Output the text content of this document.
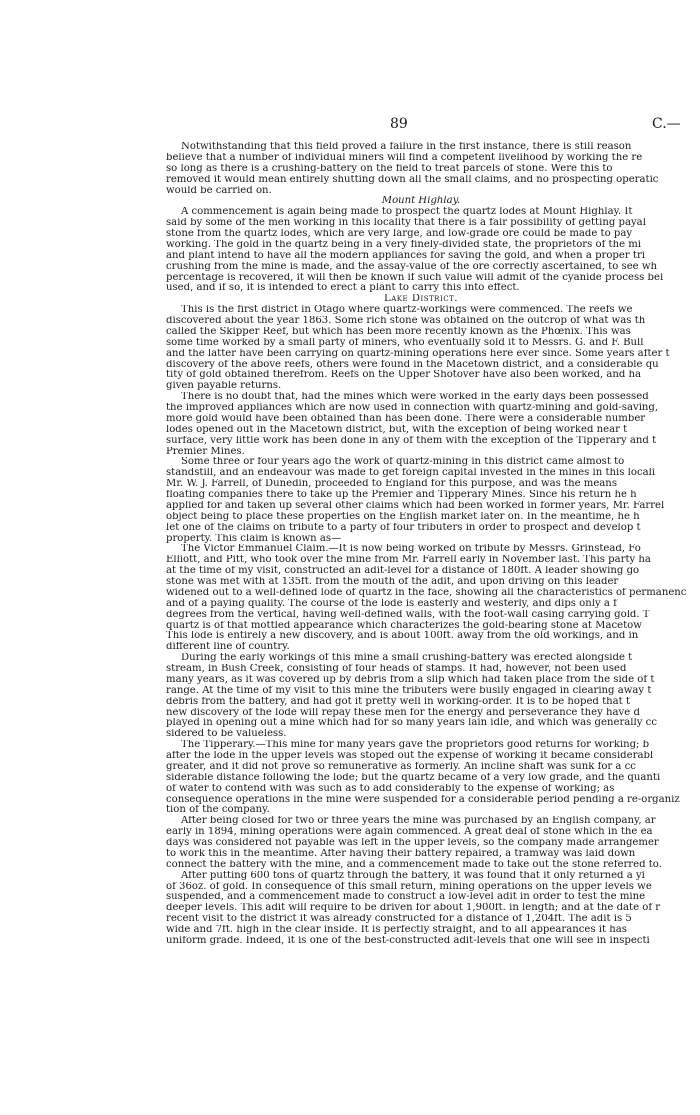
89	C.—
Notwithstanding that this field proved a failure in the first instance, there is still reason
believe that a number of individual miners will find a competent livelihood by working the re
so long as there is a crushing-battery on the field to treat parcels of stone. Were this to
removed it would mean entirely shutting down all the small claims, and no prospecting operatic
would be carried on.
Mount Highlay.
A commencement is again being made to prospect the quartz lodes at Mount Highlay. It
said by some of the men working in this locality that there is a fair possibility of getting payal
stone from the quartz lodes, which are very large, and low-grade ore could be made to pay
working. The gold in the quartz being in a very finely-divided state, the proprietors of the mi
and plant intend to have all the modern appliances for saving the gold, and when a proper tri
crushing from the mine is made, and the assay-value of the ore correctly ascertained, to see wh
percentage is recovered, it will then be known if such value will admit of the cyanide process bei
used, and if so, it is intended to erect a plant to carry this into effect.
Lake District.
This is the first district in Otago where quartz-workings were commenced. The reefs we
discovered about the year 1863. Some rich stone was obtained on the outcrop of what was th
called the Skipper Reef, but which has been more recently known as the Phœnix. This was
some time worked by a small party of miners, who eventually sold it to Messrs. G. and F. Bull
and the latter have been carrying on quartz-mining operations here ever since. Some years after t
discovery of the above reefs, others were found in the Macetown district, and a considerable qu
tity of gold obtained therefrom. Reefs on the Upper Shotover have also been worked, and ha
given payable returns.
There is no doubt that, had the mines which were worked in the early days been possessed
the improved appliances which are now used in connection with quartz-mining and gold-saving,
more gold would have been obtained than has been done. There were a considerable number
lodes opened out in the Macetown district, but, with the exception of being worked near t
surface, very little work has been done in any of them with the exception of the Tipperary and t
Premier Mines.
Some three or four years ago the work of quartz-mining in this district came almost to
standstill, and an endeavour was made to get foreign capital invested in the mines in this locali
Mr. W. J. Farrell, of Dunedin, proceeded to England for this purpose, and was the means
floating companies there to take up the Premier and Tipperary Mines. Since his return he h
applied for and taken up several other claims which had been worked in former years, Mr. Farrel
object being to place these properties on the English market later on. In the meantime, he h
let one of the claims on tribute to a party of four tributers in order to prospect and develop t
property. This claim is known as—
The Victor Emmanuel Claim.—It is now being worked on tribute by Messrs. Grinstead, Fo
Elliott, and Pitt, who took over the mine from Mr. Farrell early in November last. This party ha
at the time of my visit, constructed an adit-level for a distance of 180ft. A leader showing go
stone was met with at 135ft. from the mouth of the adit, and upon driving on this leader
widened out to a well-defined lode of quartz in the face, showing all the characteristics of permanenc
and of a paying quality. The course of the lode is easterly and westerly, and dips only a f
degrees from the vertical, having well-defined walls, with the foot-wall casing carrying gold. T
quartz is of that mottled appearance which characterizes the gold-bearing stone at Macetow
This lode is entirely a new discovery, and is about 100ft. away from the old workings, and in
different line of country.
During the early workings of this mine a small crushing-battery was erected alongside t
stream, in Bush Creek, consisting of four heads of stamps. It had, however, not been used
many years, as it was covered up by débris from a slip which had taken place from the side of t
range. At the time of my visit to this mine the tributers were busily engaged in clearing away t
débris from the battery, and had got it pretty well in working-order. It is to be hoped that t
new discovery of the lode will repay these men for the energy and perseverance they have d
played in opening out a mine which had for so many years lain idle, and which was generally cc
sidered to be valueless.
The Tipperary.—This mine for many years gave the proprietors good returns for working; b
after the lode in the upper levels was stoped out the expense of working it became considerabl
greater, and it did not prove so remunerative as formerly. An incline shaft was sunk for a cc
siderable distance following the lode; but the quartz became of a very low grade, and the quanti
of water to contend with was such as to add considerably to the expense of working; as
consequence operations in the mine were suspended for a considerable period pending a re-organiz
tion of the company.
After being closed for two or three years the mine was purchased by an English company, ar
early in 1894, mining operations were again commenced. A great deal of stone which in the ea
days was considered not payable was left in the upper levels, so the company made arrangemer
to work this in the meantime. After having their battery repaired, a tramway was laid down
connect the battery with the mine, and a commencement made to take out the stone referred to.
After putting 600 tons of quartz through the battery, it was found that it only returned a yi
of 36oz. of gold. In consequence of this small return, mining operations on the upper levels we
suspended, and a commencement made to construct a low-level adit in order to test the mine
deeper levels. This adit will require to be driven for about 1,900ft. in length; and at the date of r
recent visit to the district it was already constructed for a distance of 1,204ft. The adit is 5
wide and 7ft. high in the clear inside. It is perfectly straight, and to all appearances it has
uniform grade. Indeed, it is one of the best-constructed adit-levels that one will see in inspecti
